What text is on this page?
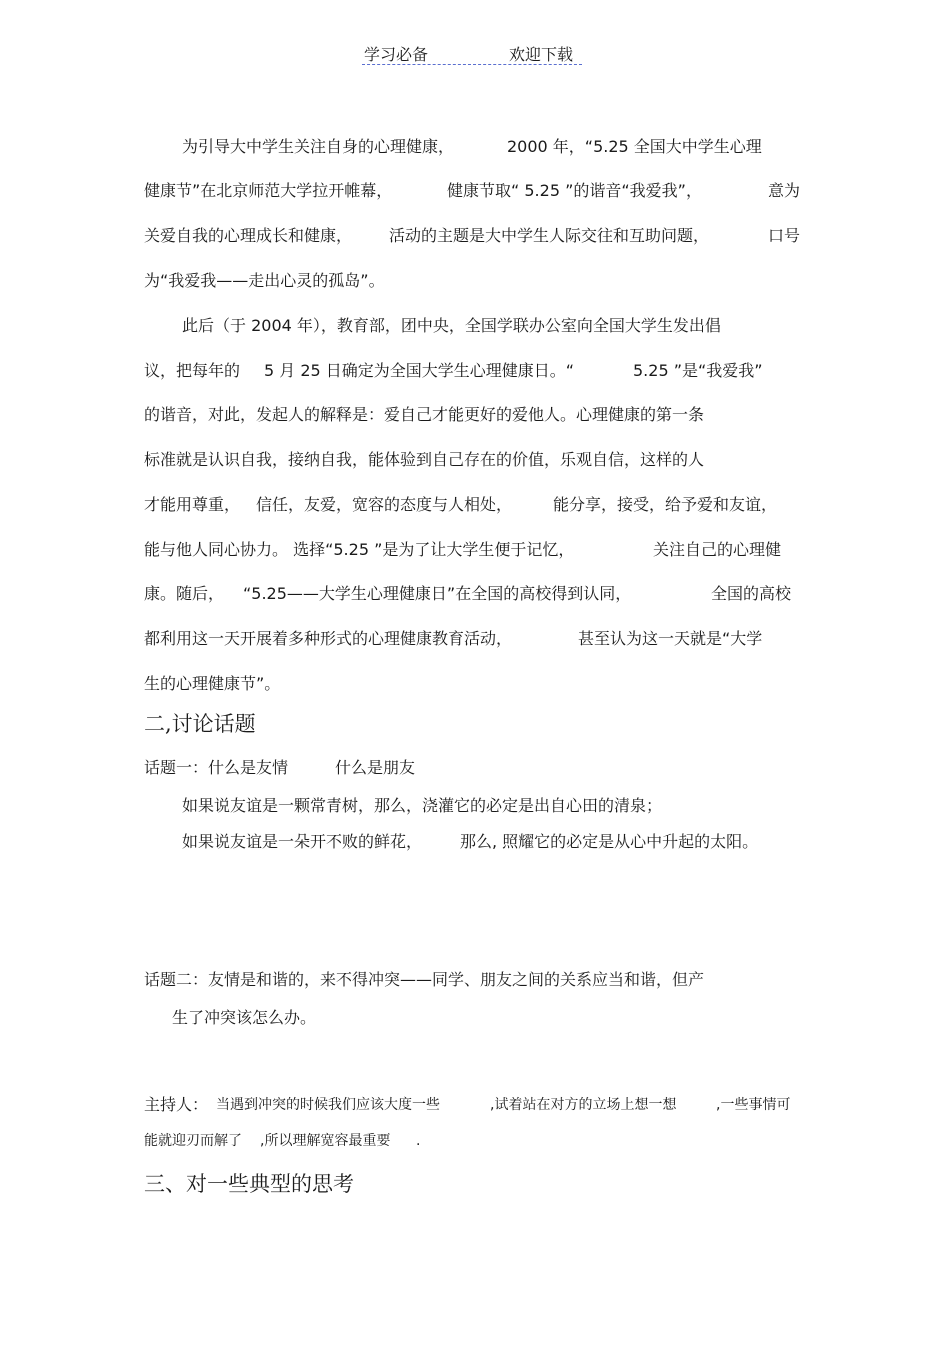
学习必备	欢迎下载
为引导大中学生关注自身的心理健康，	2000 年，“5.25 全国大中学生心理
健康节”在北京师范大学拉开帷幕，	健康节取“ 5.25 ”的谐音“我爱我”，	意为
关爱自我的心理成长和健康， 活动的主题是大中学生人际交往和互助问题，	口号
为“我爱我——走出心灵的孤岛”。
此后（于 2004 年），教育部，团中央，全国学联办公室向全国大学生发出倡
议，把每年的 5 月 25 日确定为全国大学生心理健康日。“	5.25 ”是“我爱我”
的谐音，对此，发起人的解释是：爱自己才能更好的爱他人。心理健康的第一条
标准就是认识自我，接纳自我，能体验到自己存在的价值，乐观自信，这样的人
才能用尊重， 信任，友爱，宽容的态度与人相处，	能分享，接受，给予爱和友谊，
能与他人同心协力。 选择“5.25 ”是为了让大学生便于记忆，	关注自己的心理健
康。随后， “5.25——大学生心理健康日”在全国的高校得到认同，	全国的高校
都利用这一天开展着多种形式的心理健康教育活动，	甚至认为这一天就是“大学
生的心理健康节”。
二,讨论话题
话题一：什么是友情	什么是朋友
如果说友谊是一颗常青树，那么，浇灌它的必定是出自心田的清泉；
如果说友谊是一朵开不败的鲜花， 那么, 照耀它的必定是从心中升起的太阳。
话题二：友情是和谐的，来不得冲突——同学、朋友之间的关系应当和谐，但产
生了冲突该怎么办。
主持人： 当遇到冲突的时候我们应该大度一些	,试着站在对方的立场上想一想	,一些事情可
能就迎刃而解了 ,所以理解宽容最重要 .
三、对一些典型的思考
